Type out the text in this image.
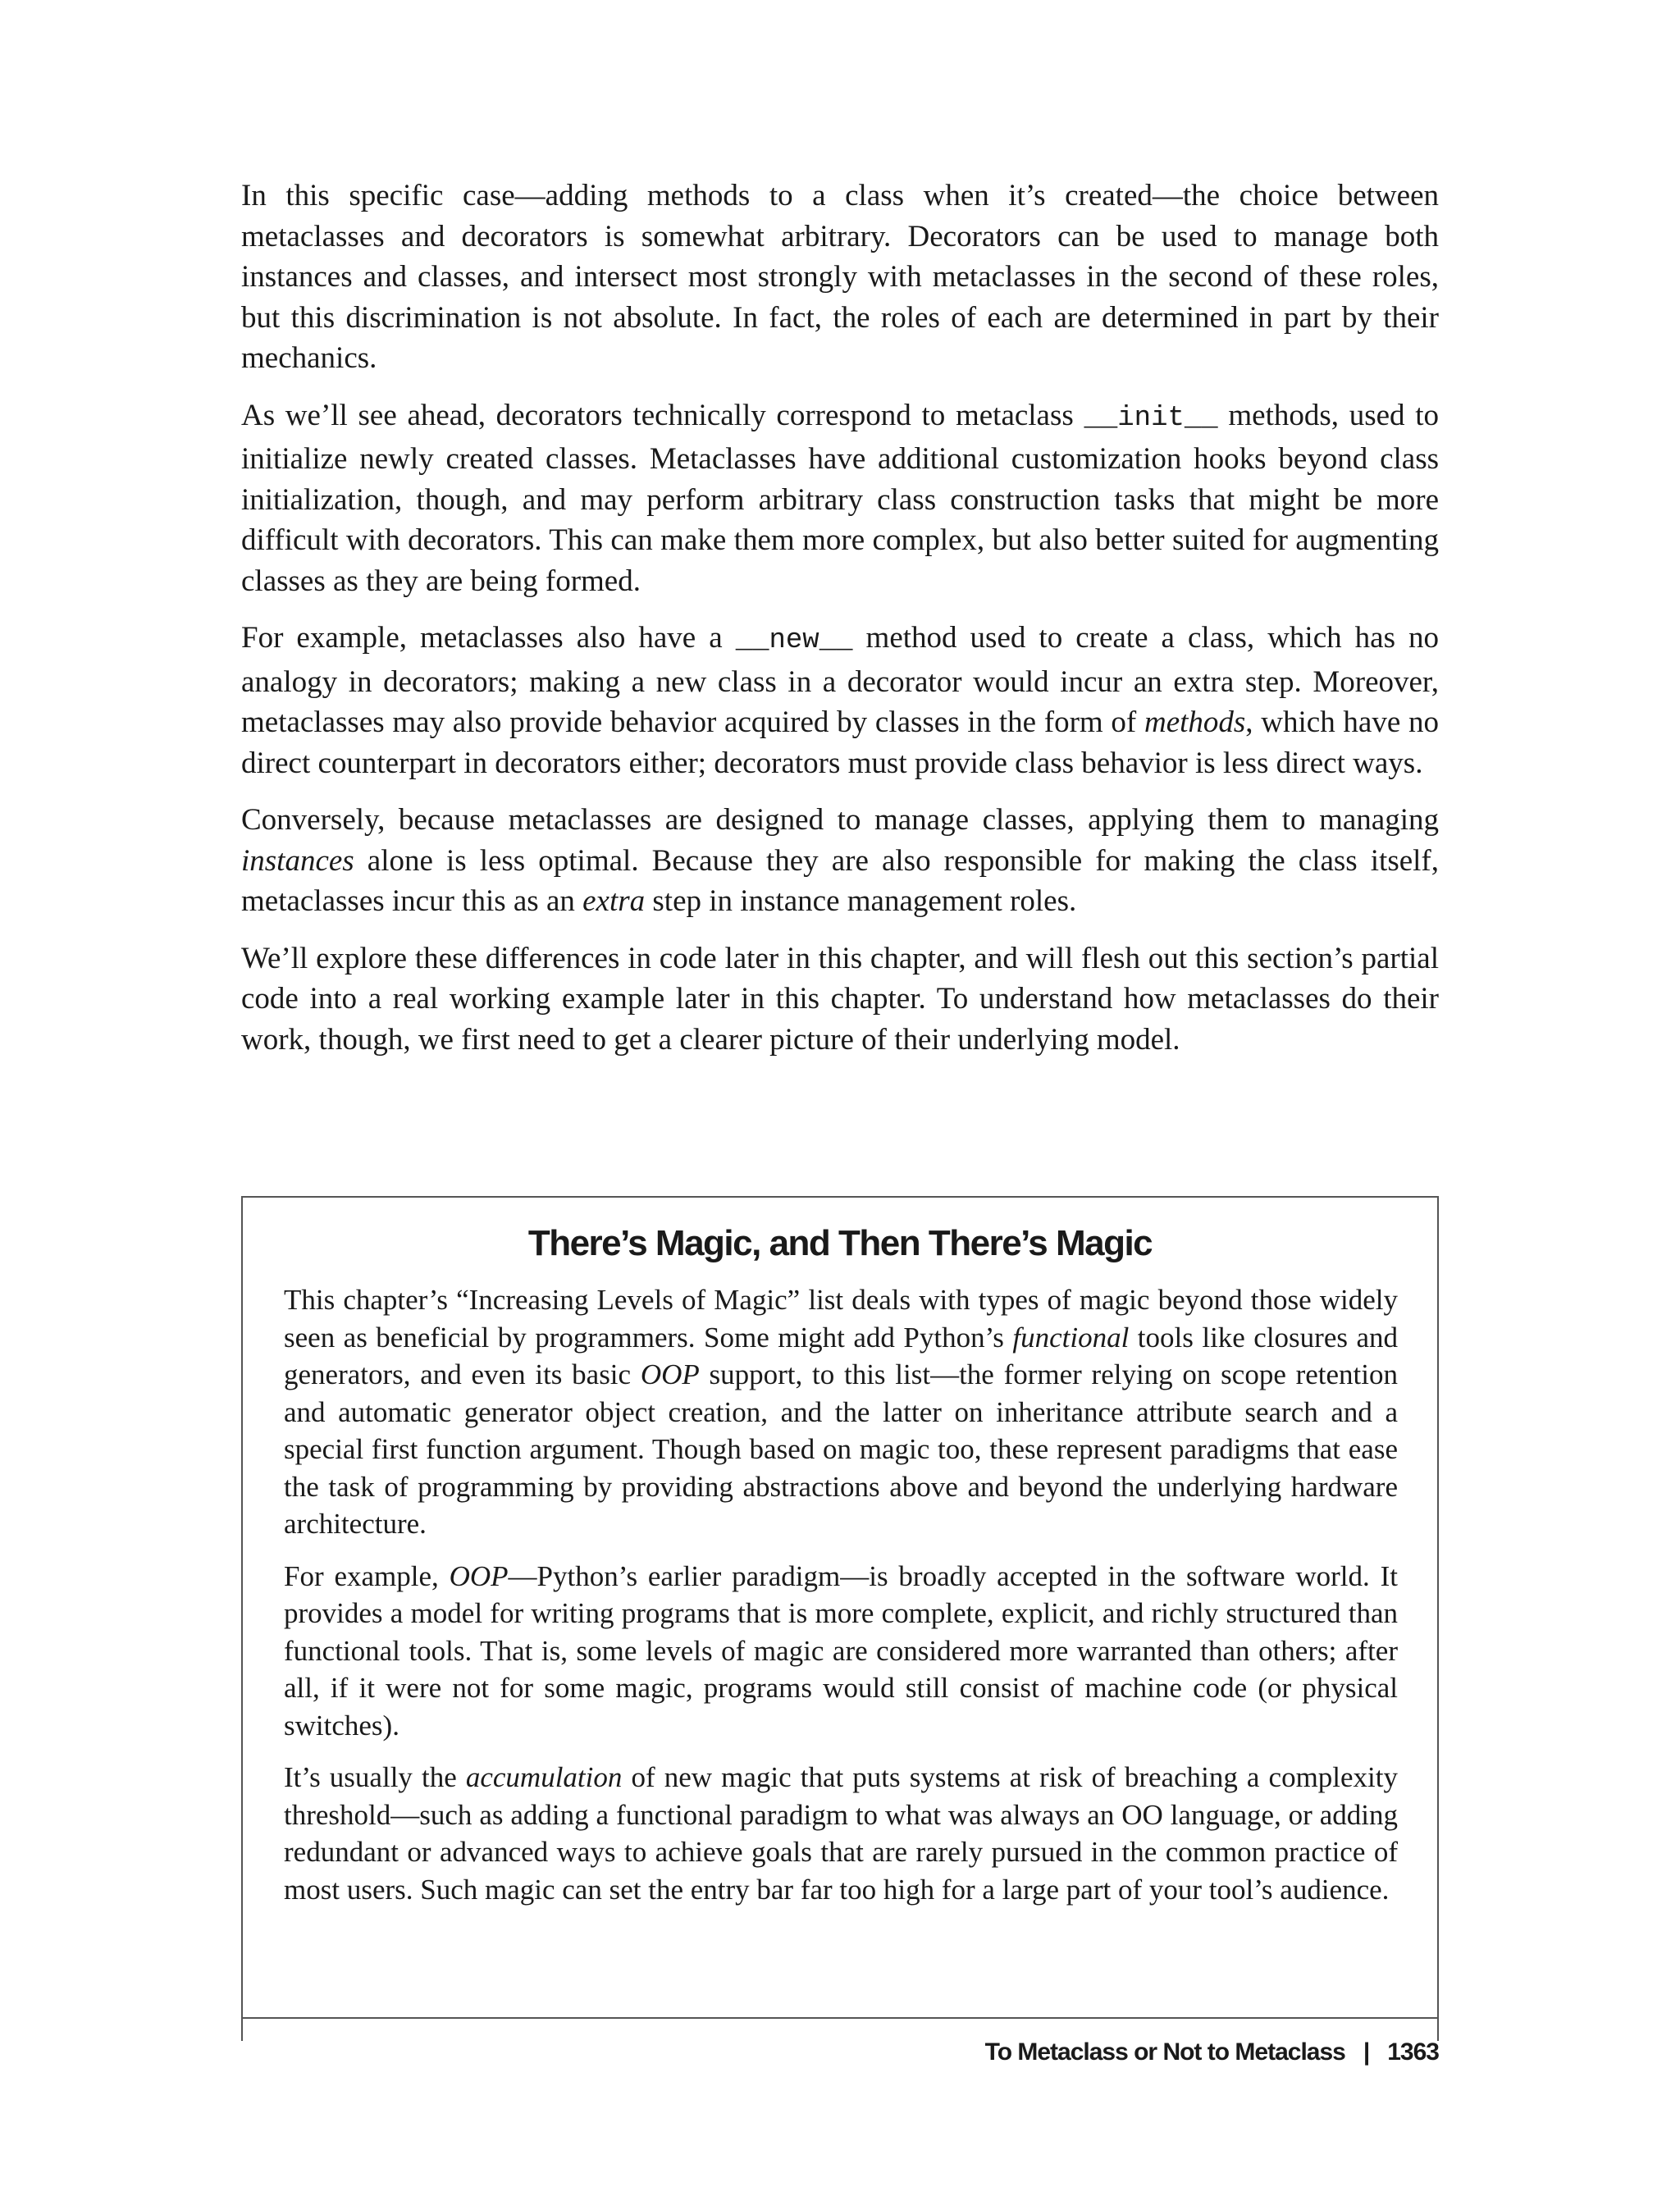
In this specific case—adding methods to a class when it’s created—the choice between metaclasses and decorators is somewhat arbitrary. Decorators can be used to manage both instances and classes, and intersect most strongly with metaclasses in the second of these roles, but this discrimination is not absolute. In fact, the roles of each are determined in part by their mechanics.

As we’ll see ahead, decorators technically correspond to metaclass __init__ methods, used to initialize newly created classes. Metaclasses have additional customization hooks beyond class initialization, though, and may perform arbitrary class construction tasks that might be more difficult with decorators. This can make them more complex, but also better suited for augmenting classes as they are being formed.

For example, metaclasses also have a __new__ method used to create a class, which has no analogy in decorators; making a new class in a decorator would incur an extra step. Moreover, metaclasses may also provide behavior acquired by classes in the form of methods, which have no direct counterpart in decorators either; decorators must provide class behavior is less direct ways.

Conversely, because metaclasses are designed to manage classes, applying them to managing instances alone is less optimal. Because they are also responsible for making the class itself, metaclasses incur this as an extra step in instance management roles.

We’ll explore these differences in code later in this chapter, and will flesh out this section’s partial code into a real working example later in this chapter. To understand how metaclasses do their work, though, we first need to get a clearer picture of their underlying model.

There’s Magic, and Then There’s Magic

This chapter’s “Increasing Levels of Magic” list deals with types of magic beyond those widely seen as beneficial by programmers. Some might add Python’s functional tools like closures and generators, and even its basic OOP support, to this list—the former relying on scope retention and automatic generator object creation, and the latter on inheritance attribute search and a special first function argument. Though based on magic too, these represent paradigms that ease the task of programming by providing abstractions above and beyond the underlying hardware architecture.

For example, OOP—Python’s earlier paradigm—is broadly accepted in the software world. It provides a model for writing programs that is more complete, explicit, and richly structured than functional tools. That is, some levels of magic are considered more warranted than others; after all, if it were not for some magic, programs would still consist of machine code (or physical switches).

It’s usually the accumulation of new magic that puts systems at risk of breaching a complexity threshold—such as adding a functional paradigm to what was always an OO language, or adding redundant or advanced ways to achieve goals that are rarely pursued in the common practice of most users. Such magic can set the entry bar far too high for a large part of your tool’s audience.

To Metaclass or Not to Metaclass | 1363
